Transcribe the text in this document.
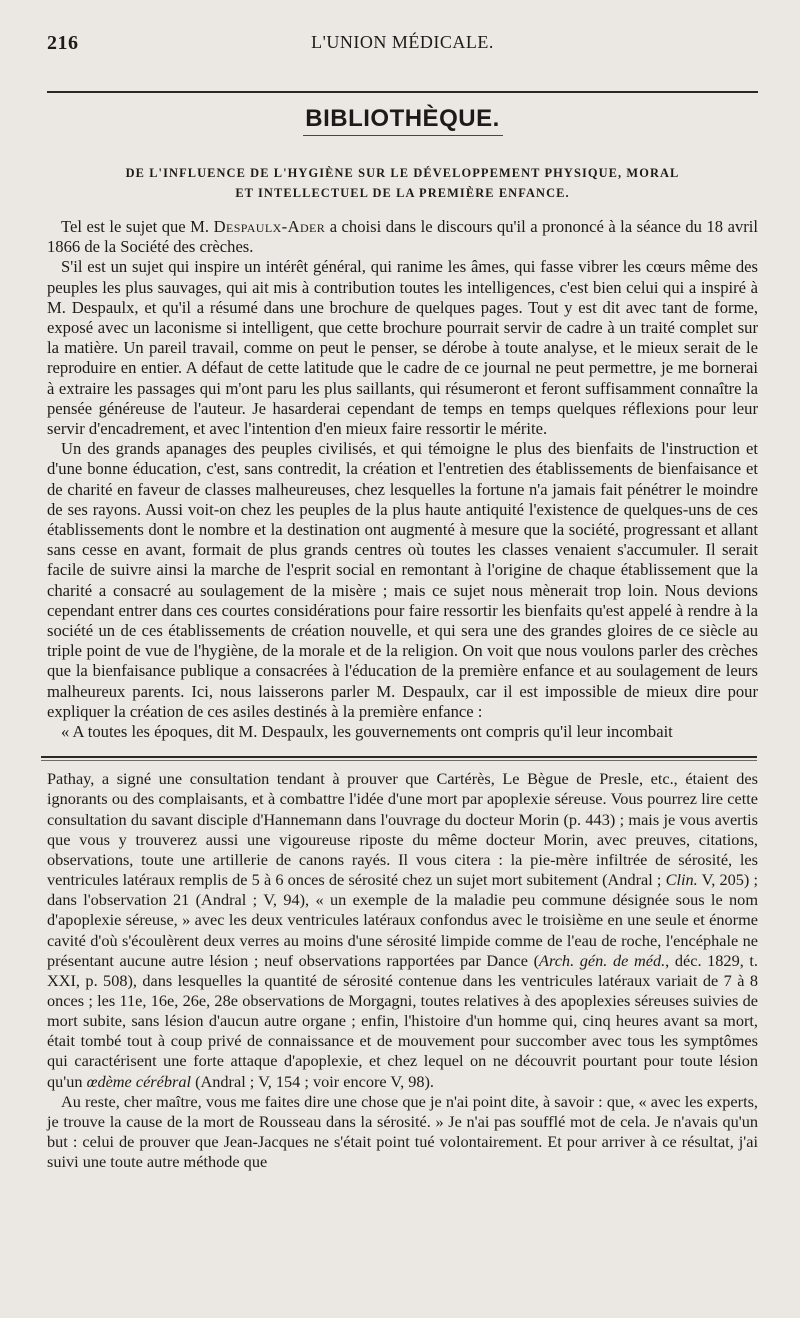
216	L'UNION MÉDICALE.
BIBLIOTHÈQUE.
DE L'INFLUENCE DE L'HYGIÈNE SUR LE DÉVELOPPEMENT PHYSIQUE, MORAL
ET INTELLECTUEL DE LA PREMIÈRE ENFANCE.

Tel est le sujet que M. Despaulx-Ader a choisi dans le discours qu'il a prononcé à la séance du 18 avril 1866 de la Société des crèches.

S'il est un sujet qui inspire un intérêt général, qui ranime les âmes, qui fasse vibrer les cœurs même des peuples les plus sauvages, qui ait mis à contribution toutes les intelligences, c'est bien celui qui a inspiré à M. Despaulx, et qu'il a résumé dans une brochure de quelques pages. Tout y est dit avec tant de forme, exposé avec un laconisme si intelligent, que cette brochure pourrait servir de cadre à un traité complet sur la matière. Un pareil travail, comme on peut le penser, se dérobe à toute analyse, et le mieux serait de le reproduire en entier. A défaut de cette latitude que le cadre de ce journal ne peut permettre, je me bornerai à extraire les passages qui m'ont paru les plus saillants, qui résumeront et feront suffisamment connaître la pensée généreuse de l'auteur. Je hasarderai cependant de temps en temps quelques réflexions pour leur servir d'encadrement, et avec l'intention d'en mieux faire ressortir le mérite.

Un des grands apanages des peuples civilisés, et qui témoigne le plus des bienfaits de l'instruction et d'une bonne éducation, c'est, sans contredit, la création et l'entretien des établissements de bienfaisance et de charité en faveur de classes malheureuses, chez lesquelles la fortune n'a jamais fait pénétrer le moindre de ses rayons. Aussi voit-on chez les peuples de la plus haute antiquité l'existence de quelques-uns de ces établissements dont le nombre et la destination ont augmenté à mesure que la société, progressant et allant sans cesse en avant, formait de plus grands centres où toutes les classes venaient s'accumuler. Il serait facile de suivre ainsi la marche de l'esprit social en remontant à l'origine de chaque établissement que la charité a consacré au soulagement de la misère ; mais ce sujet nous mènerait trop loin. Nous devions cependant entrer dans ces courtes considérations pour faire ressortir les bienfaits qu'est appelé à rendre à la société un de ces établissements de création nouvelle, et qui sera une des grandes gloires de ce siècle au triple point de vue de l'hygiène, de la morale et de la religion. On voit que nous voulons parler des crèches que la bienfaisance publique a consacrées à l'éducation de la première enfance et au soulagement de leurs malheureux parents. Ici, nous laisserons parler M. Despaulx, car il est impossible de mieux dire pour expliquer la création de ces asiles destinés à la première enfance :

« A toutes les époques, dit M. Despaulx, les gouvernements ont compris qu'il leur incombait

Pathay, a signé une consultation tendant à prouver que Cartérès, Le Bègue de Presle, etc., étaient des ignorants ou des complaisants, et à combattre l'idée d'une mort par apoplexie séreuse. Vous pourrez lire cette consultation du savant disciple d'Hannemann dans l'ouvrage du docteur Morin (p. 443) ; mais je vous avertis que vous y trouverez aussi une vigoureuse riposte du même docteur Morin, avec preuves, citations, observations, toute une artillerie de canons rayés. Il vous citera : la pie-mère infiltrée de sérosité, les ventricules latéraux remplis de 5 à 6 onces de sérosité chez un sujet mort subitement (Andral ; Clin. V, 205) ; dans l'observation 21 (Andral ; V, 94), « un exemple de la maladie peu commune désignée sous le nom d'apoplexie séreuse, » avec les deux ventricules latéraux confondus avec le troisième en une seule et énorme cavité d'où s'écoulèrent deux verres au moins d'une sérosité limpide comme de l'eau de roche, l'encéphale ne présentant aucune autre lésion ; neuf observations rapportées par Dance (Arch. gén. de méd., déc. 1829, t. XXI, p. 508), dans lesquelles la quantité de sérosité contenue dans les ventricules latéraux variait de 7 à 8 onces ; les 11e, 16e, 26e, 28e observations de Morgagni, toutes relatives à des apoplexies séreuses suivies de mort subite, sans lésion d'aucun autre organe ; enfin, l'histoire d'un homme qui, cinq heures avant sa mort, était tombé tout à coup privé de connaissance et de mouvement pour succomber avec tous les symptômes qui caractérisent une forte attaque d'apoplexie, et chez lequel on ne découvrit pourtant pour toute lésion qu'un œdème cérébral (Andral ; V, 154 ; voir encore V, 98).

Au reste, cher maître, vous me faites dire une chose que je n'ai point dite, à savoir : que, « avec les experts, je trouve la cause de la mort de Rousseau dans la sérosité. » Je n'ai pas soufflé mot de cela. Je n'avais qu'un but : celui de prouver que Jean-Jacques ne s'était point tué volontairement. Et pour arriver à ce résultat, j'ai suivi une toute autre méthode que
